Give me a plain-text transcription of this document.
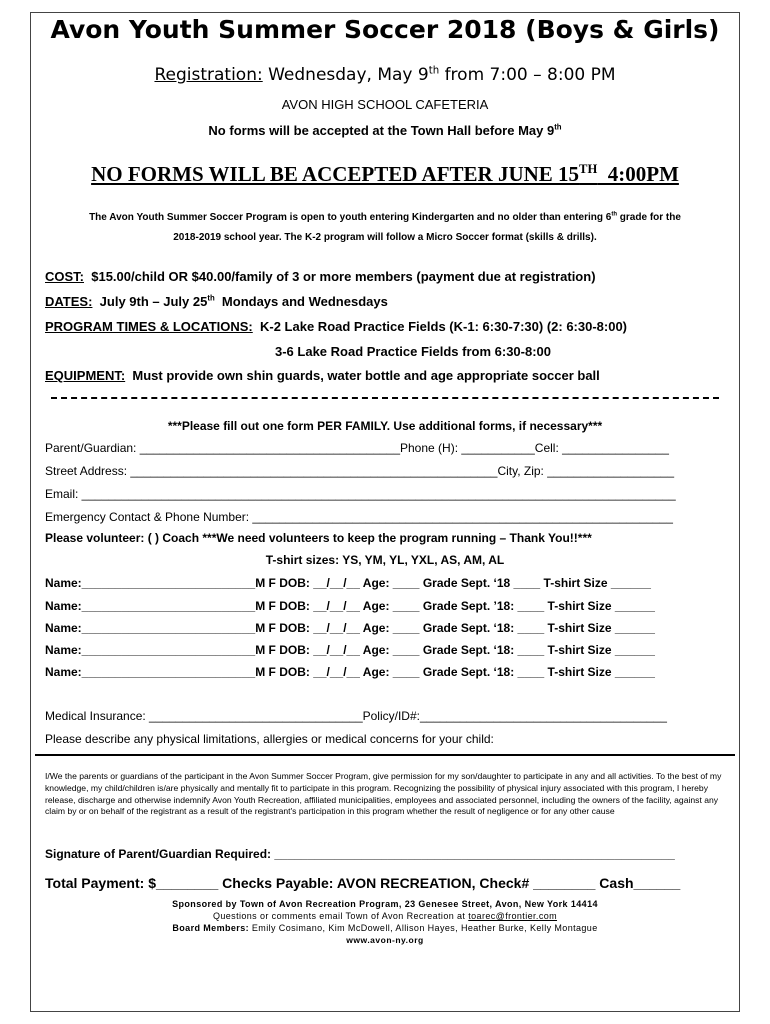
Avon Youth Summer Soccer 2018 (Boys & Girls)
Registration: Wednesday, May 9th from 7:00 – 8:00 PM
AVON HIGH SCHOOL CAFETERIA
No forms will be accepted at the Town Hall before May 9th
NO FORMS WILL BE ACCEPTED AFTER JUNE 15TH  4:00PM
The Avon Youth Summer Soccer Program is open to youth entering Kindergarten and no older than entering 6th grade for the
2018-2019 school year. The K-2 program will follow a Micro Soccer format (skills & drills).
COST: $15.00/child OR $40.00/family of 3 or more members (payment due at registration)
DATES: July 9th – July 25th  Mondays and Wednesdays
PROGRAM TIMES & LOCATIONS: K-2 Lake Road Practice Fields (K-1: 6:30-7:30) (2: 6:30-8:00)
3-6 Lake Road Practice Fields from 6:30-8:00
EQUIPMENT: Must provide own shin guards, water bottle and age appropriate soccer ball
***Please fill out one form PER FAMILY. Use additional forms, if necessary***
Parent/Guardian: _______________________________________Phone (H): ___________Cell: ________________
Street Address: _______________________________________________________City, Zip: ___________________
Email: _________________________________________________________________________________________
Emergency Contact & Phone Number: _______________________________________________________________
Please volunteer: ( ) Coach ***We need volunteers to keep the program running – Thank You!!***
T-shirt sizes: YS, YM, YL, YXL, AS, AM, AL
Name:__________________________M F DOB: __/__/__ Age: ____ Grade Sept. ‘18 ____ T-shirt Size ______
Name:__________________________M F DOB: __/__/__ Age: ____ Grade Sept. ’18: ____ T-shirt Size ______
Name:__________________________M F DOB: __/__/__ Age: ____ Grade Sept. ‘18: ____ T-shirt Size ______
Name:__________________________M F DOB: __/__/__ Age: ____ Grade Sept. ‘18: ____ T-shirt Size ______
Name:__________________________M F DOB: __/__/__ Age: ____ Grade Sept. ‘18: ____ T-shirt Size ______
Medical Insurance: ________________________________Policy/ID#:_____________________________________
Please describe any physical limitations, allergies or medical concerns for your child:
I/We the parents or guardians of the participant in the Avon Summer Soccer Program, give permission for my son/daughter to participate in any and all activities. To the best of my knowledge, my child/children is/are physically and mentally fit to participate in this program. Recognizing the possibility of physical injury associated with this program, I hereby release, discharge and otherwise indemnify Avon Youth Recreation, affiliated municipalities, employees and associated personnel, including the owners of the facility, against any claim by or on behalf of the registrant as a result of the registrant's participation in this program whether the result of negligence or for any other cause
Signature of Parent/Guardian Required: ____________________________________________________________
Total Payment: $________ Checks Payable: AVON RECREATION, Check# ________ Cash______
Sponsored by Town of Avon Recreation Program, 23 Genesee Street, Avon, New York 14414
Questions or comments email Town of Avon Recreation at toarec@frontier.com
Board Members: Emily Cosimano, Kim McDowell, Allison Hayes, Heather Burke, Kelly Montague
www.avon-ny.org
